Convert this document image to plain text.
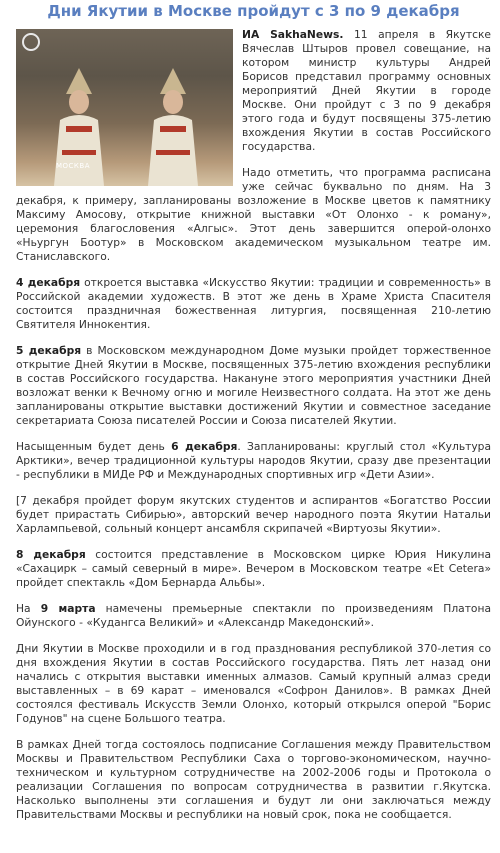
Дни Якутии в Москве пройдут с 3 по 9 декабря
МОСКВА

ИА SakhaNews. 11 апреля в Якутске Вячеслав Штыров провел совещание, на котором министр культуры Андрей Борисов представил программу основных мероприятий Дней Якутии в городе Москве. Они пройдут с 3 по 9 декабря этого года и будут посвящены 375-летию вхождения Якутии в состав Российского государства.

Надо отметить, что программа расписана уже сейчас буквально по дням. На 3 декабря, к примеру, запланированы возложение в Москве цветов к памятнику Максиму Амосову, открытие книжной выставки «От Олонхо - к роману», церемония благословения «Алгыс». Этот день завершится оперой-олонхо «Ньургун Боотур» в Московском академическом музыкальном театре им. Станиславского.

4 декабря откроется выставка «Искусство Якутии: традиции и современность» в Российской академии художеств. В этот же день в Храме Христа Спасителя состоится праздничная божественная литургия, посвященная 210-летию Святителя Иннокентия.

5 декабря в Московском международном Доме музыки пройдет торжественное открытие Дней Якутии в Москве, посвященных 375-летию вхождения республики в состав Российского государства. Накануне этого мероприятия участники Дней возложат венки к Вечному огню и могиле Неизвестного солдата. На этот же день запланированы открытие выставки достижений Якутии и совместное заседание секретариата Союза писателей России и Союза писателей Якутии.

Насыщенным будет день 6 декабря. Запланированы: круглый стол «Культура Арктики», вечер традиционной культуры народов Якутии, сразу две презентации - республики в МИДе РФ и Международных спортивных игр «Дети Азии».

[7 декабря пройдет форум якутских студентов и аспирантов «Богатство России будет прирастать Сибирью», авторский вечер народного поэта Якутии Натальи Харлампьевой, сольный концерт ансамбля скрипачей «Виртуозы Якутии».

8 декабря состоится представление в Московском цирке Юрия Никулина «Сахацирк – самый северный в мире». Вечером в Московском театре «Et Cetera» пройдет спектакль «Дом Бернарда Альбы».

На 9 марта намечены премьерные спектакли по произведениям Платона Ойунского - «Кудангса Великий» и «Александр Македонский».

Дни Якутии в Москве проходили и в год празднования республикой 370-летия со дня вхождения Якутии в состав Российского государства. Пять лет назад они начались с открытия выставки именных алмазов. Самый крупный алмаз среди выставленных – в 69 карат – именовался «Софрон Данилов». В рамках Дней состоялся фестиваль Искусств Земли Олонхо, который открылся оперой "Борис Годунов" на сцене Большого театра.

В рамках Дней тогда состоялось подписание Соглашения между Правительством Москвы и Правительством Республики Саха о торгово-экономическом, научно-техническом и культурном сотрудничестве на 2002-2006 годы и Протокола о реализации Соглашения по вопросам сотрудничества в развитии г.Якутска. Насколько выполнены эти соглашения и будут ли они заключаться между Правительствами Москвы и республики на новый срок, пока не сообщается.
